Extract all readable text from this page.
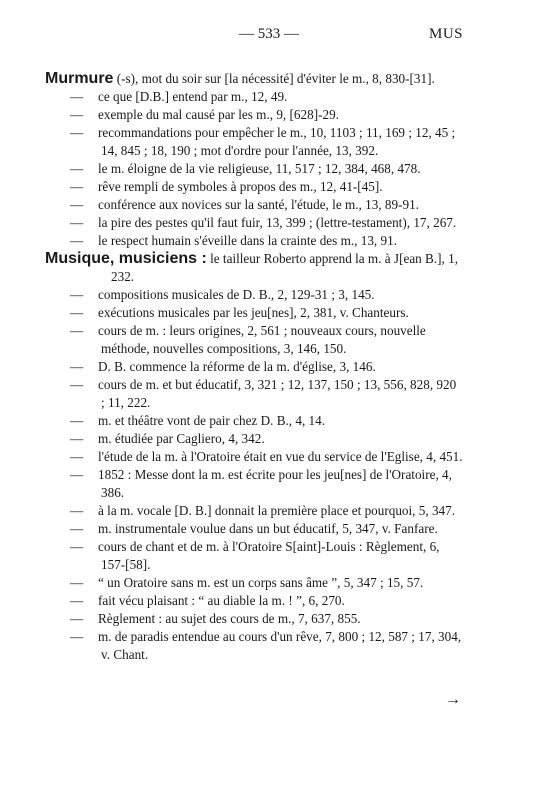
— 533 —	MUS
Murmure (-s), mot du soir sur [la nécessité] d'éviter le m., 8, 830-[31].
— ce que [D.B.] entend par m., 12, 49.
— exemple du mal causé par les m., 9, [628]-29.
— recommandations pour empêcher le m., 10, 1103 ; 11, 169 ; 12, 45 ; 14, 845 ; 18, 190 ; mot d'ordre pour l'année, 13, 392.
— le m. éloigne de la vie religieuse, 11, 517 ; 12, 384, 468, 478.
— rêve rempli de symboles à propos des m., 12, 41-[45].
— conférence aux novices sur la santé, l'étude, le m., 13, 89-91.
— la pire des pestes qu'il faut fuir, 13, 399 ; (lettre-testament), 17, 267.
— le respect humain s'éveille dans la crainte des m., 13, 91.
Musique, musiciens : le tailleur Roberto apprend la m. à J[ean B.], 1, 232.
— compositions musicales de D. B., 2, 129-31 ; 3, 145.
— exécutions musicales par les jeu[nes], 2, 381, v. Chanteurs.
— cours de m. : leurs origines, 2, 561 ; nouveaux cours, nouvelle méthode, nouvelles compositions, 3, 146, 150.
— D. B. commence la réforme de la m. d'église, 3, 146.
— cours de m. et but éducatif, 3, 321 ; 12, 137, 150 ; 13, 556, 828, 920 ; 11, 222.
— m. et théâtre vont de pair chez D. B., 4, 14.
— m. étudiée par Cagliero, 4, 342.
— l'étude de la m. à l'Oratoire était en vue du service de l'Eglise, 4, 451.
— 1852 : Messe dont la m. est écrite pour les jeu[nes] de l'Oratoire, 4, 386.
— à la m. vocale [D. B.] donnait la première place et pourquoi, 5, 347.
— m. instrumentale voulue dans un but éducatif, 5, 347, v. Fanfare.
— cours de chant et de m. à l'Oratoire S[aint]-Louis : Règlement, 6, 157-[58].
— “ un Oratoire sans m. est un corps sans âme ”, 5, 347 ; 15, 57.
— fait vécu plaisant : “ au diable la m. ! ”, 6, 270.
— Règlement : au sujet des cours de m., 7, 637, 855.
— m. de paradis entendue au cours d'un rêve, 7, 800 ; 12, 587 ; 17, 304, v. Chant.
→
